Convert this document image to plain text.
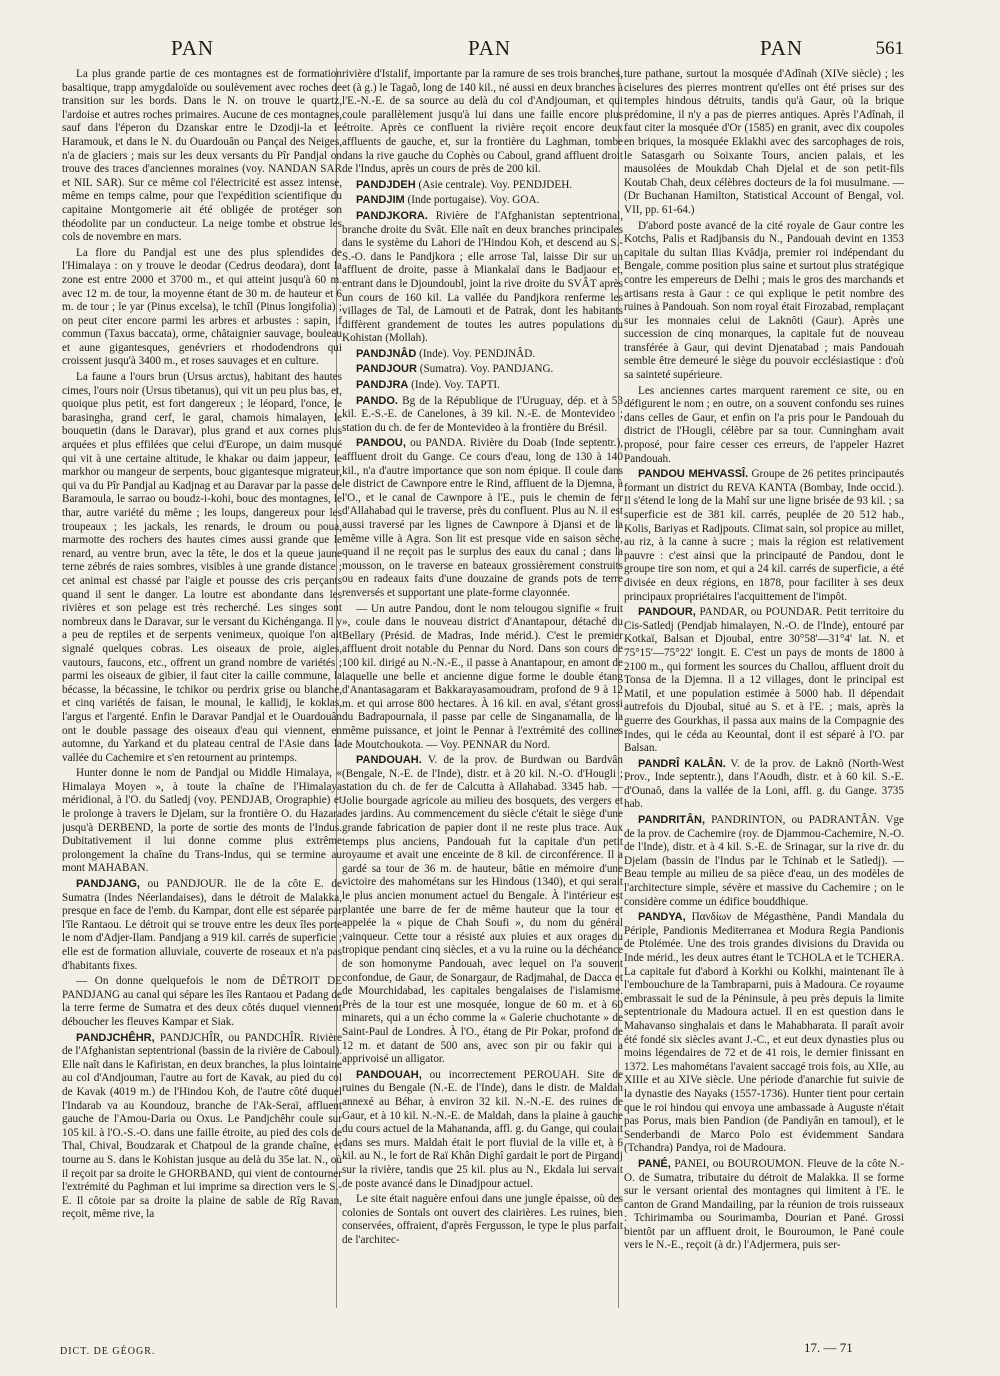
PAN	PAN	PAN	561

La plus grande partie de ces montagnes est de formation basaltique, trapp amygdaloïde ou soulèvement avec roches de transition sur les bords. Dans le N. on trouve le quartz, l'ardoise et autres roches primaires. Aucune de ces montagnes, sauf dans l'éperon du Dzanskar entre le Dzodji-la et le Haramouk, et dans le N. du Ouardouân ou Pançal des Neiges, n'a de glaciers ; mais sur les deux versants du Pîr Pandjal on trouve des traces d'anciennes moraines (voy. NANDAN SAR et NIL SAR). Sur ce même col l'électricité est assez intense, même en temps calme, pour que l'expédition scientifique du capitaine Montgomerie ait été obligée de protéger son théodolite par un conducteur. La neige tombe et obstrue les cols de novembre en mars.

La flore du Pandjal est une des plus splendides de l'Himalaya : on y trouve le deodar (Cedrus deodara), dont la zone est entre 2000 et 3700 m., et qui atteint jusqu'à 60 m. avec 12 m. de tour, la moyenne étant de 30 m. de hauteur et 6 m. de tour ; le yar (Pinus excelsa), le tchîl (Pinus longifolia) ; on peut citer encore parmi les arbres et arbustes : sapin, if commun (Taxus baccata), orme, châtaignier sauvage, bouleau et aune gigantesques, genévriers et rhododendrons qui croissent jusqu'à 3400 m., et roses sauvages et en culture.

La faune a l'ours brun (Ursus arctus), habitant des hautes cimes, l'ours noir (Ursus tibetanus), qui vit un peu plus bas, et, quoique plus petit, est fort dangereux ; le léopard, l'once, le barasingha, grand cerf, le garal, chamois himalayen, le bouquetin (dans le Daravar), plus grand et aux cornes plus arquées et plus effilées que celui d'Europe, un daim musqué qui vit à une certaine altitude, le khakar ou daim jappeur, le markhor ou mangeur de serpents, bouc gigantesque migrateur, qui va du Pîr Pandjal au Kadjnag et au Daravar par la passe de Baramoula, le sarrao ou boudz-i-kohi, bouc des montagnes, le thar, autre variété du même ; les loups, dangereux pour les troupeaux ; les jackals, les renards, le droum ou poua, marmotte des rochers des hautes cimes aussi grande que le renard, au ventre brun, avec la tête, le dos et la queue jaune terne zébrés de raies sombres, visibles à une grande distance ; cet animal est chassé par l'aigle et pousse des cris perçants quand il sent le danger. La loutre est abondante dans les rivières et son pelage est très recherché. Les singes sont nombreux dans le Daravar, sur le versant du Kichénganga. Il y a peu de reptiles et de serpents venimeux, quoique l'on ait signalé quelques cobras. Les oiseaux de proie, aigles, vautours, faucons, etc., offrent un grand nombre de variétés ; parmi les oiseaux de gibier, il faut citer la caille commune, la bécasse, la bécassine, le tchikor ou perdrix grise ou blanche, et cinq variétés de faisan, le mounal, le kallidj, le koklas, l'argus et l'argenté. Enfin le Daravar Pandjal et le Ouardouân ont le double passage des oiseaux d'eau qui viennent, en automne, du Yarkand et du plateau central de l'Asie dans la vallée du Cachemire et s'en retournent au printemps.

Hunter donne le nom de Pandjal ou Middle Himalaya, « Himalaya Moyen », à toute la chaîne de l'Himalaya méridional, à l'O. du Satledj (voy. PENDJAB, Orographie) et le prolonge à travers le Djelam, sur la frontière O. du Hazara jusqu'à DERBEND, la porte de sortie des monts de l'Indus. Dubitativement il lui donne comme plus extrême prolongement la chaîne du Trans-Indus, qui se termine au mont MAHABAN.

PANDJANG, ou PANDJOUR. Ile de la côte E. de Sumatra (Indes Néerlandaises), dans le détroit de Malakka, presque en face de l'emb. du Kampar, dont elle est séparée par l'île Rantaou. Le détroit qui se trouve entre les deux îles porte le nom d'Adjer-Ilam. Pandjang a 919 kil. carrés de superficie ; elle est de formation alluviale, couverte de roseaux et n'a pas d'habitants fixes.

— On donne quelquefois le nom de DÉTROIT DE PANDJANG au canal qui sépare les îles Rantaou et Padang de la terre ferme de Sumatra et des deux côtés duquel viennent déboucher les fleuves Kampar et Siak.

PANDJCHÊHR, PANDJCHÎR, ou PANDCHÎR. Rivière de l'Afghanistan septentrional (bassin de la rivière de Caboul). Elle naît dans le Kafiristan, en deux branches, la plus lointaine au col d'Andjouman, l'autre au fort de Kavak, au pied du col de Kavak (4019 m.) de l'Hindou Koh, de l'autre côté duquel l'Indarab va au Koundouz, branche de l'Ak-Seraï, affluent gauche de l'Amou-Daria ou Oxus. Le Pandjchêhr coule sur 105 kil. à l'O.-S.-O. dans une faille étroite, au pied des cols de Thal, Chival, Boudzarak et Chatpoul de la grande chaîne, et tourne au S. dans le Kohistan jusque au delà du 35e lat. N., où il reçoit par sa droite le GHORBAND, qui vient de contourner l'extrémité du Paghman et lui imprime sa direction vers le S.-E. Il côtoie par sa droite la plaine de sable de Rîg Ravan, reçoit, même rive, la

rivière d'Istalif, importante par la ramure de ses trois branches, et (à g.) le Tagaô, long de 140 kil., né aussi en deux branches à l'E.-N.-E. de sa source au delà du col d'Andjouman, et qui coule parallèlement jusqu'à lui dans une faille encore plus étroite. Après ce confluent la rivière reçoit encore deux affluents de gauche, et, sur la frontière du Laghman, tombe dans la rive gauche du Cophès ou Caboul, grand affluent droit de l'Indus, après un cours de près de 200 kil.

PANDJDEH (Asie centrale). Voy. PENDJDEH.

PANDJIM (Inde portugaise). Voy. GOA.

PANDJKORA. Rivière de l'Afghanistan septentrional, branche droite du Svât. Elle naît en deux branches principales dans le système du Lahori de l'Hindou Koh, et descend au S.-S.-O. dans le Pandjkora ; elle arrose Tal, laisse Dir sur un affluent de droite, passe à Miankalaï dans le Badjaour et, entrant dans le Djoundoubl, joint la rive droite du SVÂT après un cours de 160 kil. La vallée du Pandjkora renferme les villages de Tal, de Lamouti et de Patrak, dont les habitants diffèrent grandement de toutes les autres populations du Kohistan (Mollah).

PANDJNÂD (Inde). Voy. PENDJNÂD.

PANDJOUR (Sumatra). Voy. PANDJANG.

PANDJRA (Inde). Voy. TAPTI.

PANDO. Bg de la République de l'Uruguay, dép. et à 53 kil. E.-S.-E. de Canelones, à 39 kil. N.-E. de Montevideo ; station du ch. de fer de Montevideo à la frontière du Brésil.

PANDOU, ou PANDA. Rivière du Doab (Inde septentr.), affluent droit du Gange. Ce cours d'eau, long de 130 à 140 kil., n'a d'autre importance que son nom épique. Il coule dans le district de Cawnpore entre le Rind, affluent de la Djemna, à l'O., et le canal de Cawnpore à l'E., puis le chemin de fer d'Allahabad qui le traverse, près du confluent. Plus au N. il est aussi traversé par les lignes de Cawnpore à Djansi et de la même ville à Agra. Son lit est presque vide en saison sèche, quand il ne reçoit pas le surplus des eaux du canal ; dans la mousson, on le traverse en bateaux grossièrement construits ou en radeaux faits d'une douzaine de grands pots de terre renversés et supportant une plate-forme clayonnée.

— Un autre Pandou, dont le nom telougou signifie « fruit », coule dans le nouveau district d'Anantapour, détaché du Bellary (Présid. de Madras, Inde mérid.). C'est le premier affluent droit notable du Pennar du Nord. Dans son cours de 100 kil. dirigé au N.-N.-E., il passe à Anantapour, en amont de laquelle une belle et ancienne digue forme le double étang d'Anantasagaram et Bakkarayasamoudram, profond de 9 à 12 m. et qui arrose 800 hectares. À 16 kil. en aval, s'étant grossi du Badrapournala, il passe par celle de Singanamalla, de la même puissance, et joint le Pennar à l'extrémité des collines de Moutchoukota. — Voy. PENNAR du Nord.

PANDOUAH. V. de la prov. de Burdwan ou Bardvân (Bengale, N.-E. de l'Inde), distr. et à 20 kil. N.-O. d'Hougli ; station du ch. de fer de Calcutta à Allahabad. 3345 hab. — Jolie bourgade agricole au milieu des bosquets, des vergers et des jardins. Au commencement du siècle c'était le siège d'une grande fabrication de papier dont il ne reste plus trace. Aux temps plus anciens, Pandouah fut la capitale d'un petit royaume et avait une enceinte de 8 kil. de circonférence. Il a gardé sa tour de 36 m. de hauteur, bâtie en mémoire d'une victoire des mahométans sur les Hindous (1340), et qui serait le plus ancien monument actuel du Bengale. À l'intérieur est plantée une barre de fer de même hauteur que la tour et appelée la « pique de Chah Soufi », du nom du général vainqueur. Cette tour a résisté aux pluies et aux orages du tropique pendant cinq siècles, et a vu la ruine ou la déchéance de son homonyme Pandouah, avec lequel on l'a souvent confondue, de Gaur, de Sonargaur, de Radjmahal, de Dacca et de Mourchidabad, les capitales bengalaises de l'islamisme. Près de la tour est une mosquée, longue de 60 m. et à 60 minarets, qui a un écho comme la « Galerie chuchotante » de Saint-Paul de Londres. À l'O., étang de Pir Pokar, profond de 12 m. et datant de 500 ans, avec son pir ou fakir qui a apprivoisé un alligator.

PANDOUAH, ou incorrectement PEROUAH. Site de ruines du Bengale (N.-E. de l'Inde), dans le distr. de Maldah annexé au Béhar, à environ 32 kil. N.-N.-E. des ruines de Gaur, et à 10 kil. N.-N.-E. de Maldah, dans la plaine à gauche du cours actuel de la Mahananda, affl. g. du Gange, qui coulait dans ses murs. Maldah était le port fluvial de la ville et, à 6 kil. au N., le fort de Raï Khân Dighî gardait le port de Pirgandj sur la rivière, tandis que 25 kil. plus au N., Ekdala lui servait de poste avancé dans le Dinadjpour actuel.

Le site était naguère enfoui dans une jungle épaisse, où des colonies de Sontals ont ouvert des clairières. Les ruines, bien conservées, offraient, d'après Fergusson, le type le plus parfait de l'architec-

ture pathane, surtout la mosquée d'Adînah (XIVe siècle) ; les ciselures des pierres montrent qu'elles ont été prises sur des temples hindous détruits, tandis qu'à Gaur, où la brique prédomine, il n'y a pas de pierres antiques. Après l'Adînah, il faut citer la mosquée d'Or (1585) en granit, avec dix coupoles en briques, la mosquée Eklakhi avec des sarcophages de rois, le Satasgarh ou Soixante Tours, ancien palais, et les mausolées de Moukdab Chah Djelal et de son petit-fils Koutab Chah, deux célèbres docteurs de la foi musulmane. — (Dr Buchanan Hamilton, Statistical Account of Bengal, vol. VII, pp. 61-64.)

D'abord poste avancé de la cité royale de Gaur contre les Kotchs, Palis et Radjbansis du N., Pandouah devint en 1353 capitale du sultan Ilias Kvâdja, premier roi indépendant du Bengale, comme position plus saine et surtout plus stratégique contre les empereurs de Delhi ; mais le gros des marchands et artisans resta à Gaur : ce qui explique le petit nombre des ruines à Pandouah. Son nom royal était Firozabad, remplaçant sur les monnaies celui de Laknôti (Gaur). Après une succession de cinq monarques, la capitale fut de nouveau transférée à Gaur, qui devint Djenatabad ; mais Pandouah semble être demeuré le siège du pouvoir ecclésiastique : d'où sa sainteté supérieure.

Les anciennes cartes marquent rarement ce site, ou en défigurent le nom ; en outre, on a souvent confondu ses ruines dans celles de Gaur, et enfin on l'a pris pour le Pandouah du district de l'Hougli, célèbre par sa tour. Cunningham avait proposé, pour faire cesser ces erreurs, de l'appeler Hazret Pandouah.

PANDOU MEHVASSÎ. Groupe de 26 petites principautés formant un district du REVA KANTA (Bombay, Inde occid.). Il s'étend le long de la Mahî sur une ligne brisée de 93 kil. ; sa superficie est de 381 kil. carrés, peuplée de 20 512 hab., Kolis, Bariyas et Radjpouts. Climat sain, sol propice au millet, au riz, à la canne à sucre ; mais la région est relativement pauvre : c'est ainsi que la principauté de Pandou, dont le groupe tire son nom, et qui a 24 kil. carrés de superficie, a été divisée en deux régions, en 1878, pour faciliter à ses deux principaux propriétaires l'acquittement de l'impôt.

PANDOUR, PANDAR, ou POUNDAR. Petit territoire du Cis-Satledj (Pendjab himalayen, N.-O. de l'Inde), entouré par Kotkaï, Balsan et Djoubal, entre 30°58'—31°4' lat. N. et 75°15'—75°22' longit. E. C'est un pays de monts de 1800 à 2100 m., qui forment les sources du Challou, affluent droit du Tonsa de la Djemna. Il a 12 villages, dont le principal est Matil, et une population estimée à 5000 hab. Il dépendait autrefois du Djoubal, situé au S. et à l'E. ; mais, après la guerre des Gourkhas, il passa aux mains de la Compagnie des Indes, qui le céda au Keountal, dont il est séparé à l'O. par Balsan.

PANDRÎ KALÂN. V. de la prov. de Laknô (North-West Prov., Inde septentr.), dans l'Aoudh, distr. et à 60 kil. S.-E. d'Ounaô, dans la vallée de la Loni, affl. g. du Gange. 3735 hab.

PANDRITÂN, PANDRINTON, ou PADRANTÂN. Vge de la prov. de Cachemire (roy. de Djammou-Cachemire, N.-O. de l'Inde), distr. et à 4 kil. S.-E. de Srinagar, sur la rive dr. du Djelam (bassin de l'Indus par le Tchinab et le Satledj). — Beau temple au milieu de sa pièce d'eau, un des modèles de l'architecture simple, sévère et massive du Cachemire ; on le considère comme un édifice bouddhique.

PANDYA, Πανδίων de Mégasthène, Pandi Mandala du Périple, Pandionis Mediterranea et Modura Regia Pandionis de Ptolémée. Une des trois grandes divisions du Dravida ou Inde mérid., les deux autres étant le TCHOLA et le TCHERA. La capitale fut d'abord à Korkhi ou Kolkhi, maintenant île à l'embouchure de la Tambraparni, puis à Madoura. Ce royaume embrassait le sud de la Péninsule, à peu près depuis la limite septentrionale du Madoura actuel. Il en est question dans le Mahavanso singhalais et dans le Mahabharata. Il paraît avoir été fondé six siècles avant J.-C., et eut deux dynasties plus ou moins légendaires de 72 et de 41 rois, le dernier finissant en 1372. Les mahométans l'avaient saccagé trois fois, au XIIe, au XIIIe et au XIVe siècle. Une période d'anarchie fut suivie de la dynastie des Nayaks (1557-1736). Hunter tient pour certain que le roi hindou qui envoya une ambassade à Auguste n'était pas Porus, mais bien Pandion (de Pandiyân en tamoul), et le Senderbandi de Marco Polo est évidemment Sandara (Tchandra) Pandya, roi de Madoura.

PANÉ, PANEI, ou BOUROUMON. Fleuve de la côte N.-O. de Sumatra, tributaire du détroit de Malakka. Il se forme sur le versant oriental des montagnes qui limitent à l'E. le canton de Grand Mandailing, par la réunion de trois ruisseaux : Tchirimamba ou Sourimamba, Dourian et Pané. Grossi bientôt par un affluent droit, le Bouroumon, le Pané coule vers le N.-E., reçoit (à dr.) l'Adjermera, puis ser-

DICT. DE GÉOGR.	17. — 71
